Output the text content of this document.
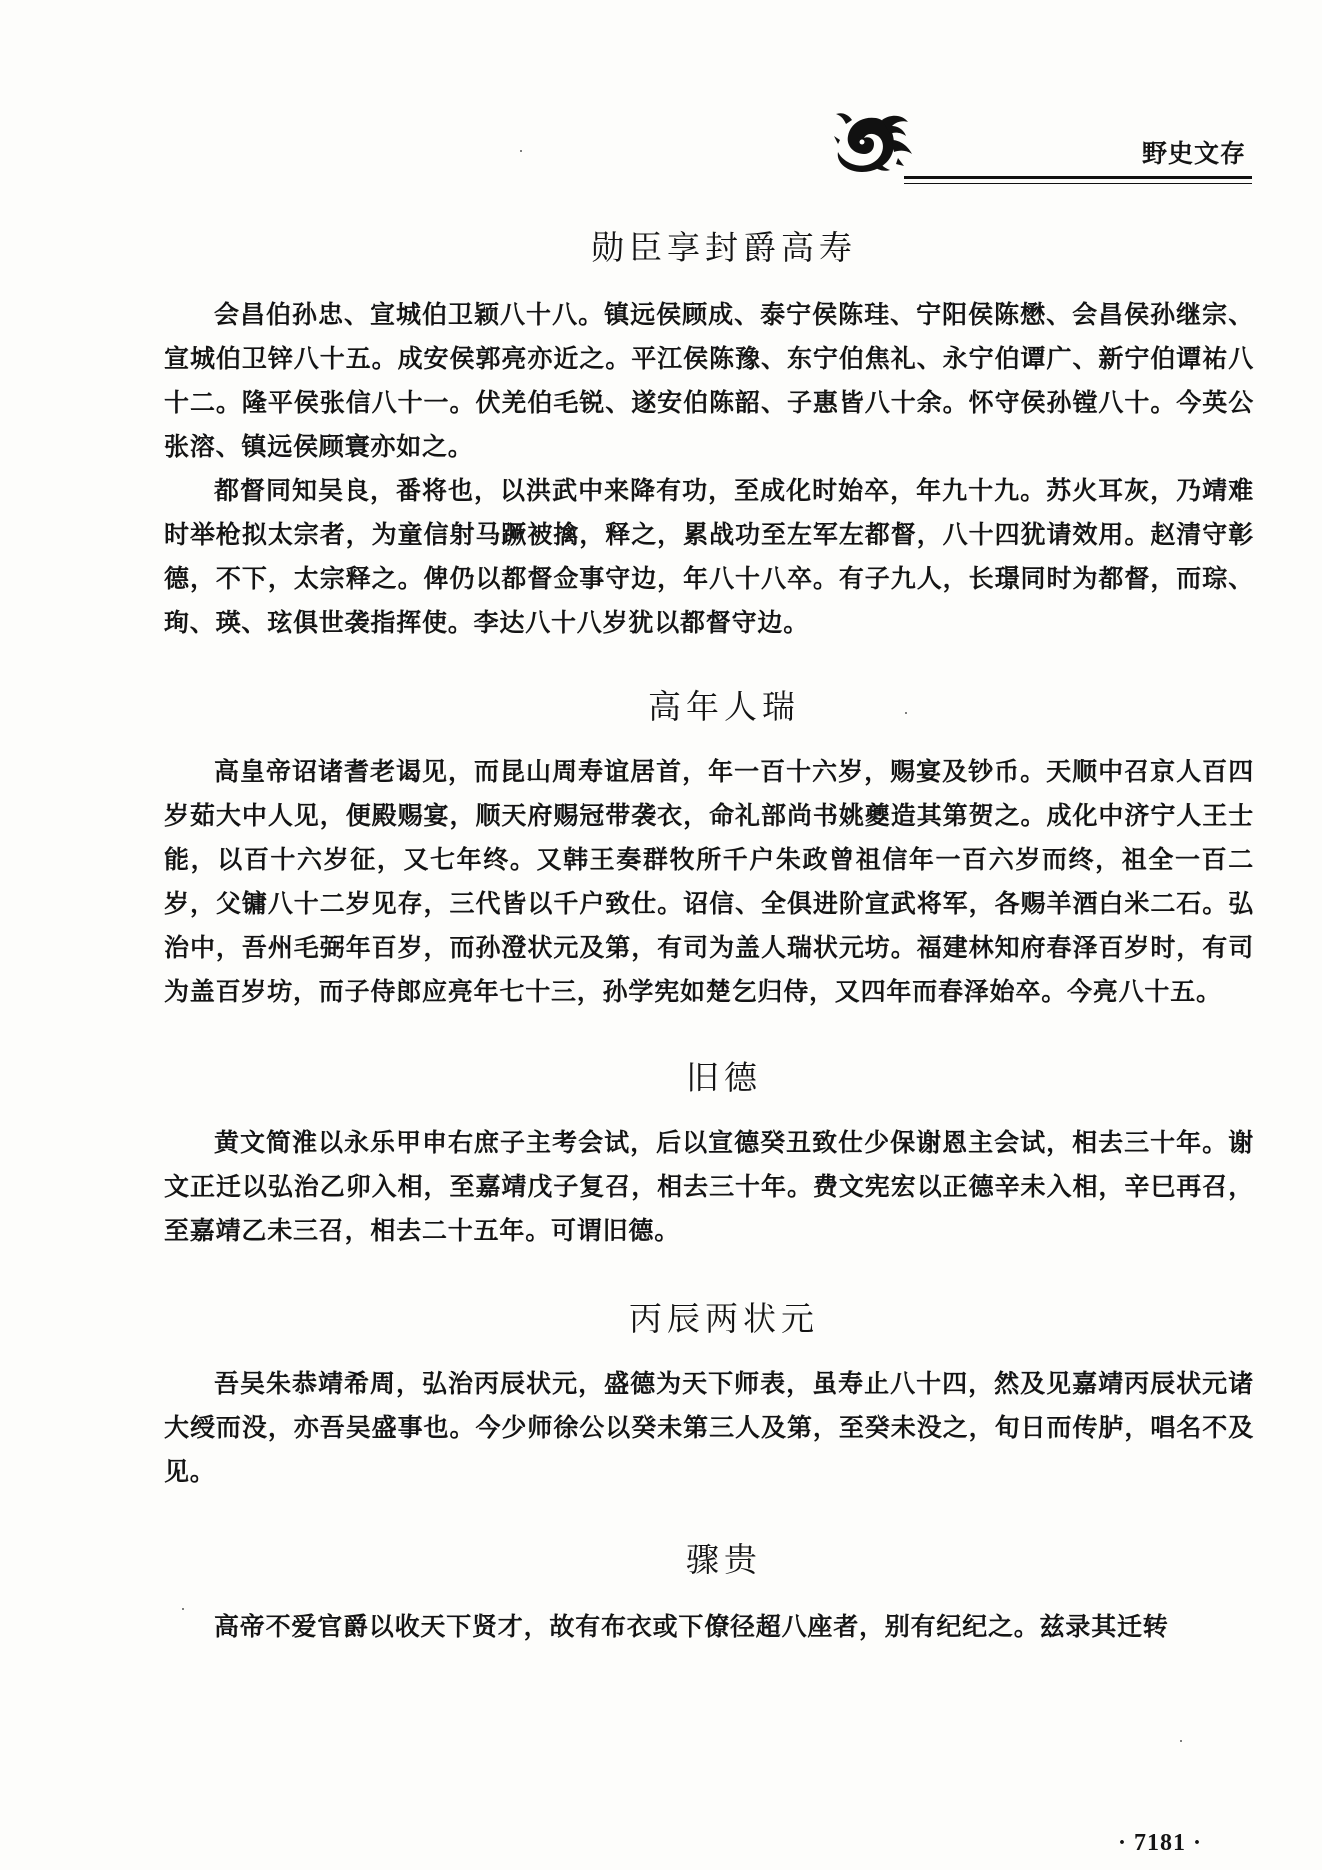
野史文存
勋臣享封爵高寿

会昌伯孙忠、宣城伯卫颖八十八。镇远侯顾成、泰宁侯陈珪、宁阳侯陈懋、会昌侯孙继宗、宣城伯卫锌八十五。成安侯郭亮亦近之。平江侯陈豫、东宁伯焦礼、永宁伯谭广、新宁伯谭祐八十二。隆平侯张信八十一。伏羌伯毛锐、遂安伯陈韶、子惠皆八十余。怀守侯孙镗八十。今英公张溶、镇远侯顾寰亦如之。

都督同知吴良，番将也，以洪武中来降有功，至成化时始卒，年九十九。苏火耳灰，乃靖难时举枪拟太宗者，为童信射马蹶被擒，释之，累战功至左军左都督，八十四犹请效用。赵清守彰德，不下，太宗释之。俾仍以都督佥事守边，年八十八卒。有子九人，长璟同时为都督，而琮、珣、瑛、玹俱世袭指挥使。李达八十八岁犹以都督守边。

高年人瑞

高皇帝诏诸耆老谒见，而昆山周寿谊居首，年一百十六岁，赐宴及钞币。天顺中召京人百四岁茹大中人见，便殿赐宴，顺天府赐冠带袭衣，命礼部尚书姚夔造其第贺之。成化中济宁人王士能，以百十六岁征，又七年终。又韩王奏群牧所千户朱政曾祖信年一百六岁而终，祖全一百二岁，父镛八十二岁见存，三代皆以千户致仕。诏信、全俱进阶宣武将军，各赐羊酒白米二石。弘治中，吾州毛弼年百岁，而孙澄状元及第，有司为盖人瑞状元坊。福建林知府春泽百岁时，有司为盖百岁坊，而子侍郎应亮年七十三，孙学宪如楚乞归侍，又四年而春泽始卒。今亮八十五。

旧德

黄文简淮以永乐甲申右庶子主考会试，后以宣德癸丑致仕少保谢恩主会试，相去三十年。谢文正迁以弘治乙卯入相，至嘉靖戊子复召，相去三十年。费文宪宏以正德辛未入相，辛巳再召，至嘉靖乙未三召，相去二十五年。可谓旧德。

丙辰两状元

吾吴朱恭靖希周，弘治丙辰状元，盛德为天下师表，虽寿止八十四，然及见嘉靖丙辰状元诸大绶而没，亦吾吴盛事也。今少师徐公以癸未第三人及第，至癸未没之，旬日而传胪，唱名不及见。

骤贵

高帝不爱官爵以收天下贤才，故有布衣或下僚径超八座者，别有纪纪之。兹录其迁转

· 7181 ·
